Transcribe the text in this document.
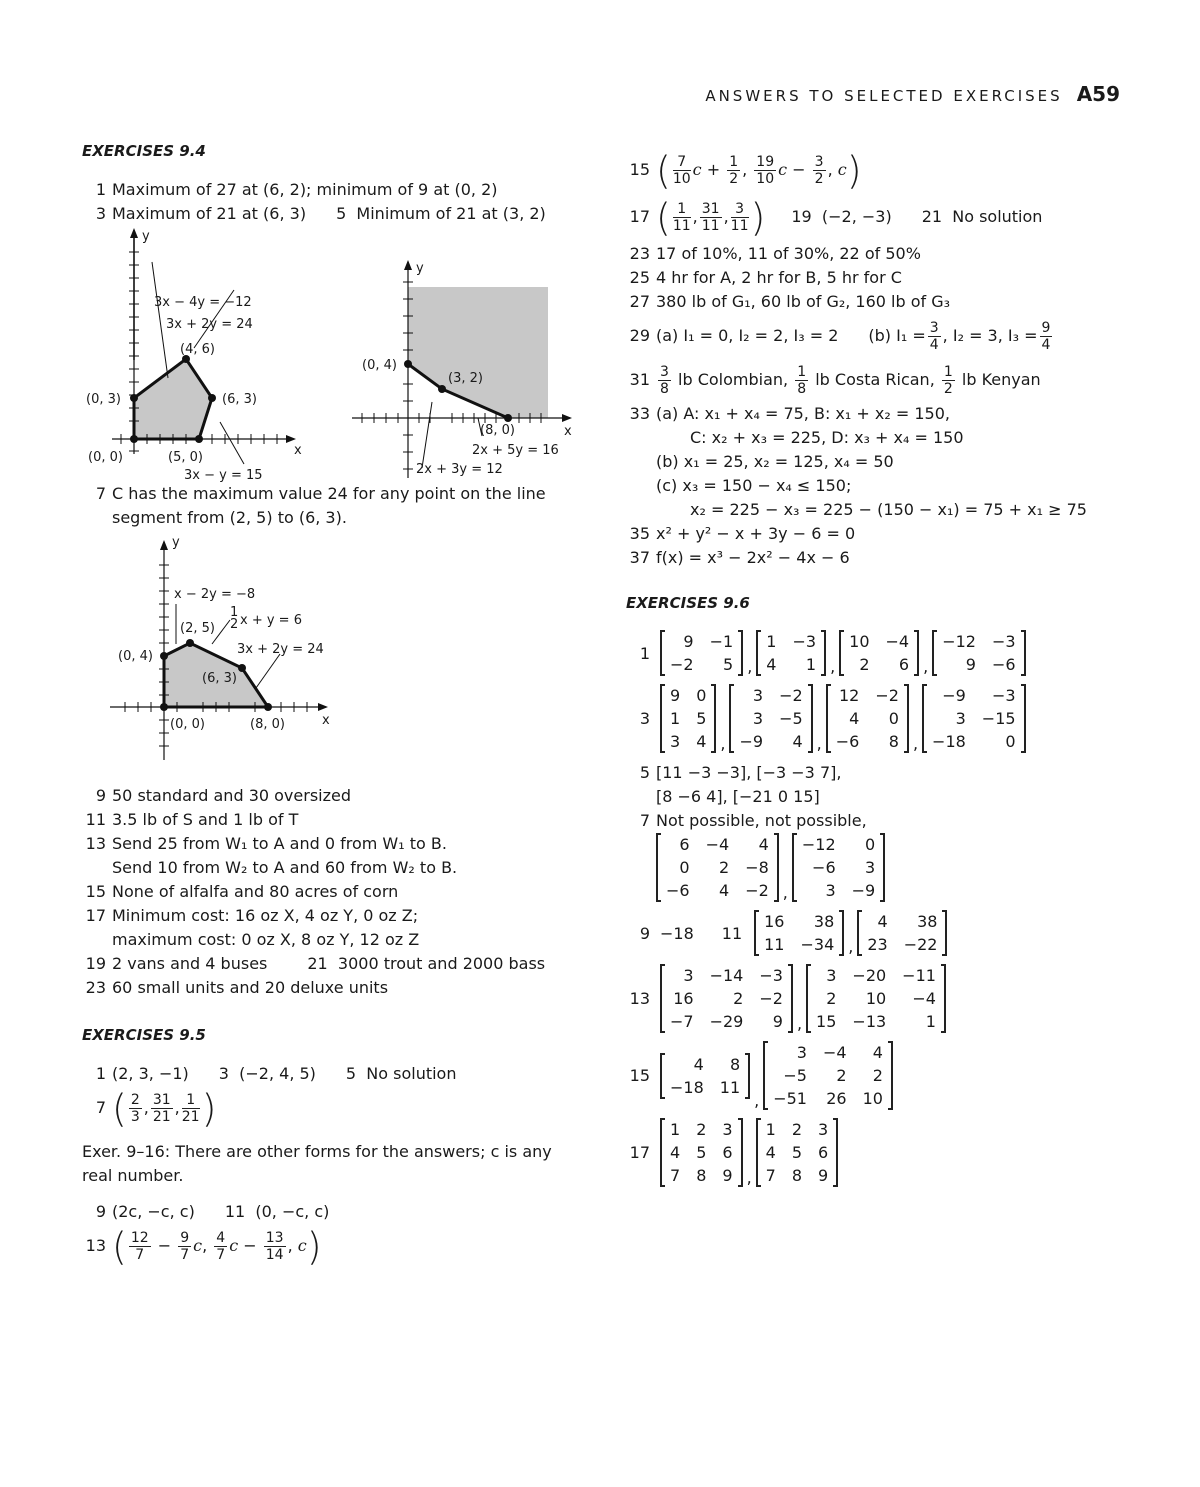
ANSWERS TO SELECTED EXERCISES A59
EXERCISES 9.4
1 Maximum of 27 at (6, 2); minimum of 9 at (0, 2)
3 Maximum of 21 at (6, 3) 5 Minimum of 21 at (3, 2)
y
x
3x − 4y = −12
3x + 2y = 24
(4, 6)
(0, 3)	(6, 3)
(0, 0)	(5, 0)
3x − y = 15
y
x
(0, 4)
(3, 2)
(8, 0)
2x + 5y = 16
2x + 3y = 12
7 C has the maximum value 24 for any point on the line
segment from (2, 5) to (6, 3).
y
x
x − 2y = −8
1
2 x + y = 6
3x + 2y = 24
(2, 5)
(0, 4)
(6, 3)
(0, 0)	(8, 0)
9 50 standard and 30 oversized
11 3.5 lb of S and 1 lb of T
13 Send 25 from W₁ to A and 0 from W₁ to B.
Send 10 from W₂ to A and 60 from W₂ to B.
15 None of alfalfa and 80 acres of corn
17 Minimum cost: 16 oz X, 4 oz Y, 0 oz Z;
maximum cost: 0 oz X, 8 oz Y, 12 oz Z
19 2 vans and 4 buses	21 3000 trout and 2000 bass
23 60 small units and 20 deluxe units
EXERCISES 9.5
1 (2, 3, −1) 3 (−2, 4, 5) 5 No solution
7 ( $\frac{2}{3}$ , $\frac{31}{21}$ , $\frac{1}{21}$ )
Exer. 9–16: There are other forms for the answers; c is any
real number.
9 (2c, −c, c) 11 (0, −c, c)
13 ( $\frac{12}{7} - \frac{9}{7} c$, $\frac{4}{7}$ $c - \frac{13}{14}$ , c)
15 ( $\frac{7}{10}$ $c + \frac{1}{2}$ , $\frac{19}{10}$ $c - \frac{3}{2}$ , c)
17 ( $\frac{1}{11}$ , $\frac{31}{11}$ , $\frac{3}{11}$ ) 19 (−2, −3) 21 No solution
23 17 of 10%, 11 of 30%, 22 of 50%
25 4 hr for A, 2 hr for B, 5 hr for C
27 380 lb of G₁, 60 lb of G₂, 160 lb of G₃
29 (a) I₁ = 0, I₂ = 2, I₃ = 2 (b) $I_1 = \frac{3}{4}$ , I₂ = 3, $I_3 = \frac{9}{4}$
$31 \frac{3}{8}$ lb Colombian, $\frac{1}{8}$ lb Costa Rican, $\frac{1}{2}$ lb Kenyan
33 (a) A: x₁ + x₄ = 75, B: x₁ + x₂ = 150,
C: x₂ + x₃ = 225, D: x₃ + x₄ = 150
(b) x₁ = 25, x₂ = 125, x₄ = 50
(c) x₃ = 150 − x₄ ≤ 150;
x₂ = 225 − x₃ = 225 − (150 − x₁) = 75 + x₁ ≥ 75
35 x² + y² − x + 3y − 6 = 0
37 f(x) = x³ − 2x² − 4x − 6
EXERCISES 9.6
1
9 −1
−2	5 ,
1 −3
4	1 ,
10 −4
2	6 ,
−12 −3
9 −6
3
9 0
1 5
3 4 ,
3 −2
3 −5
−9	4 ,
12 −2
4	0
−6	8 ,
−9	−3
3 −15
−18	0
5 [11 −3 −3], [−3 −3 7],
[8 −6 4], [−21 0 15]
7 Not possible, not possible,
6 −4	4
0	2 −8
−6	4 −2 ,
−12	0
−6	3
3 −9
9 −18 11
16	38
11 −34 ,
4	38
23 −22
13
3 −14 −3
16	2 −2
−7 −29	9 ,
3 −20 −11
2	10	−4
15 −13	1
15
4	8
−18 11
,
3 −4	4
−5	2	2
−51 26 10
17
1 2 3
4 5 6
7 8 9 ,
1 2 3
4 5 6
7 8 9
